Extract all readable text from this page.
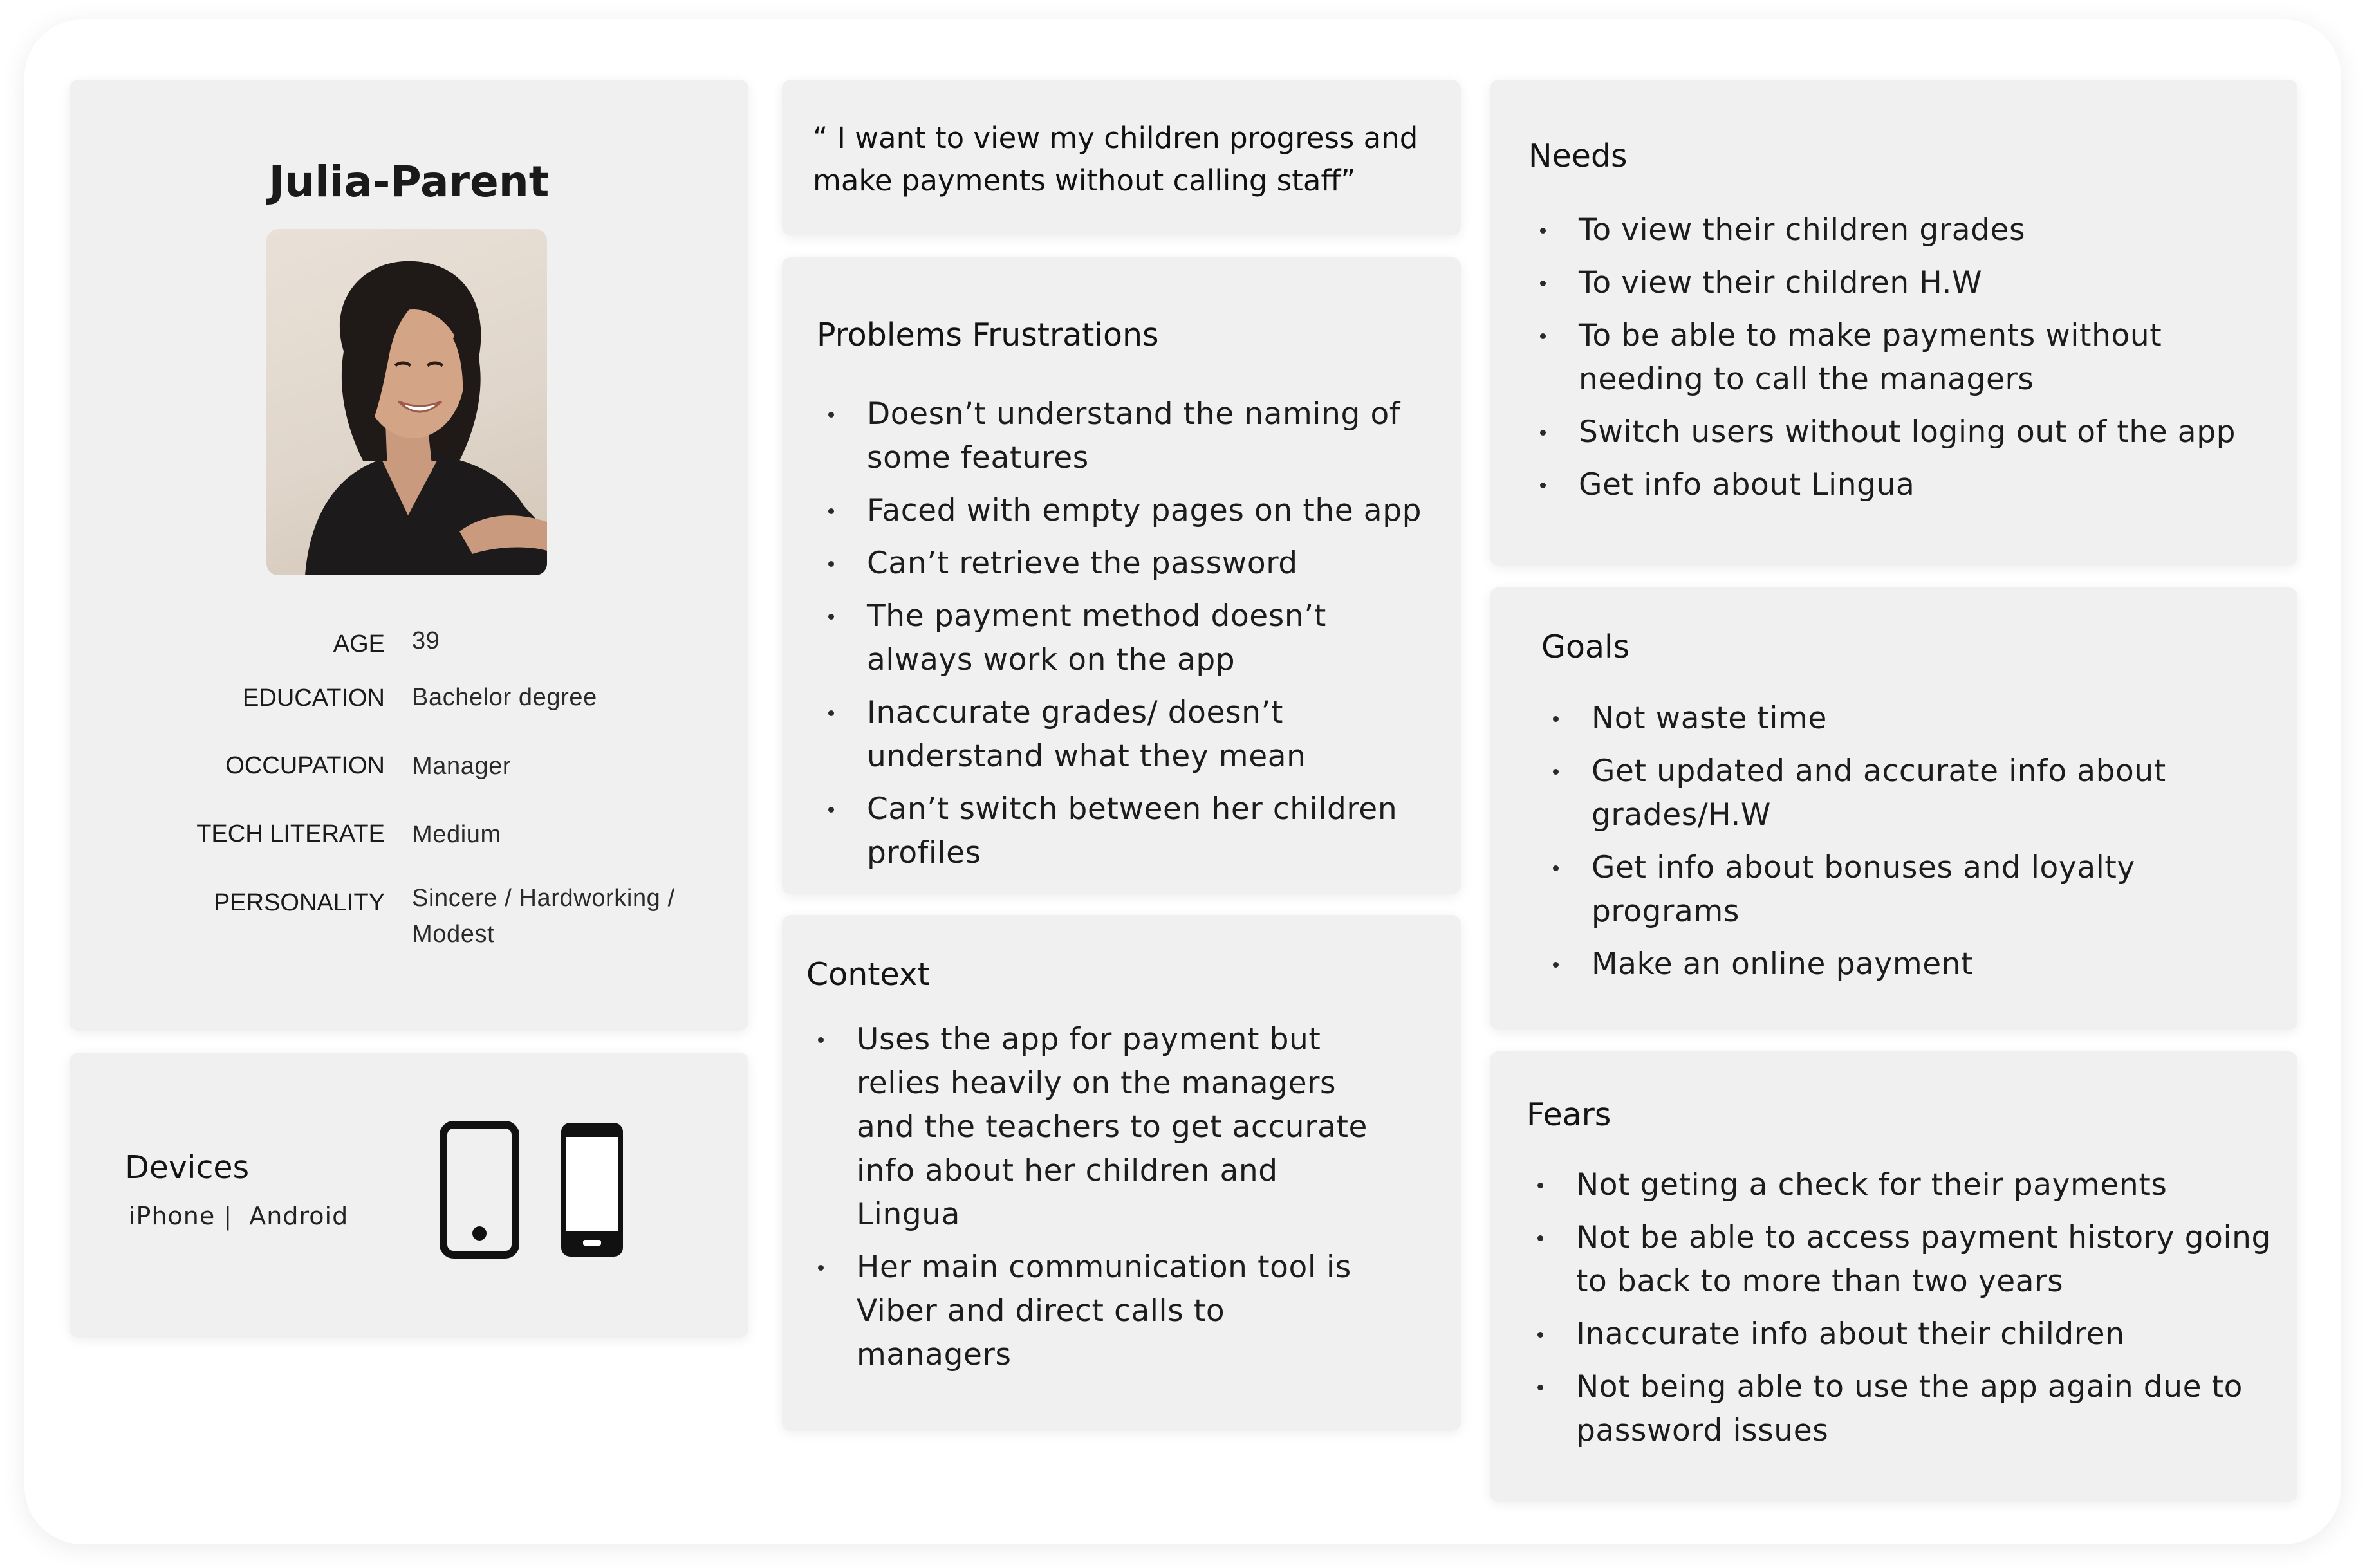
Julia-Parent
AGE 39
EDUCATION Bachelor degree
OCCUPATION Manager
TECH LITERATE Medium
PERSONALITY Sincere / Hardworking / Modest
Devices
iPhone |  Android
“ I want to view my children progress and make payments without calling staff”
Problems Frustrations
Doesn’t understand the naming of some features
Faced with empty pages on the app
Can’t retrieve the password
The payment method doesn’t always work on the app
Inaccurate grades/ doesn’t understand what they mean
Can’t switch between her children profiles
Context
Uses the app for payment but relies heavily on the managers and the teachers to get accurate info about her children and Lingua
Her main communication tool is Viber and direct calls to managers
Needs
To view their children grades
To view their children H.W
To be able to make payments without needing to call the managers
Switch users without loging out of the app
Get info about Lingua
Goals
Not waste time
Get updated and accurate info about grades/H.W
Get info about bonuses and loyalty programs
Make an online payment
Fears
Not geting a check for their payments
Not be able to access payment history going to back to more than two years
Inaccurate info about their children
Not being able to use the app again due to password issues
